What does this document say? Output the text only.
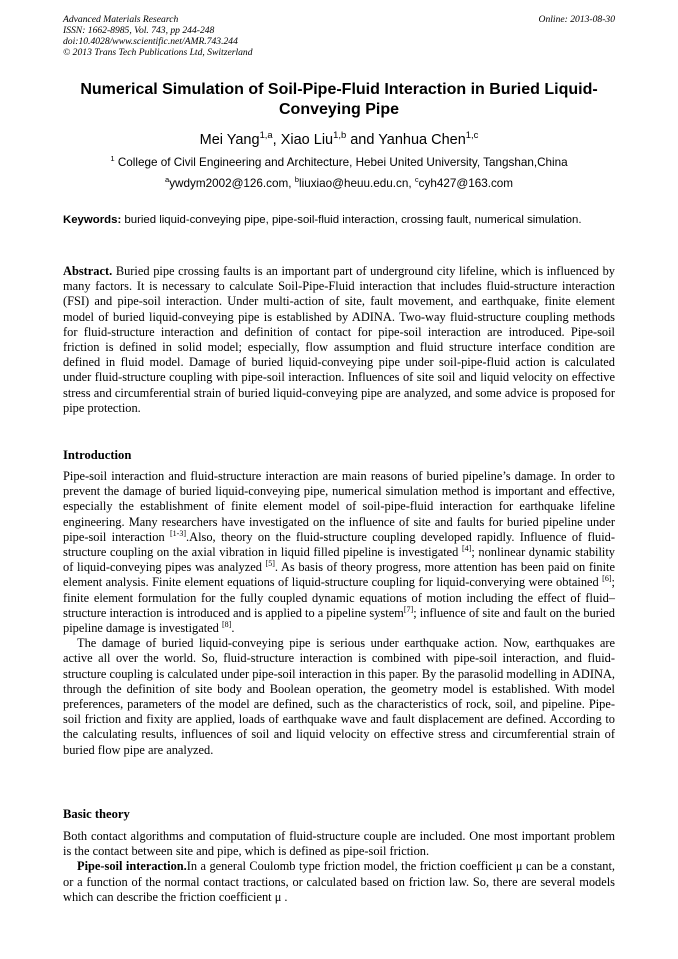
Advanced Materials Research
ISSN: 1662-8985, Vol. 743, pp 244-248
doi:10.4028/www.scientific.net/AMR.743.244
© 2013 Trans Tech Publications Ltd, Switzerland
Online: 2013-08-30
Numerical Simulation of Soil-Pipe-Fluid Interaction in Buried Liquid-Conveying Pipe
Mei Yang$^{1,a}$, Xiao Liu$^{1,b}$ and Yanhua Chen$^{1,c}$
$^1$ College of Civil Engineering and Architecture, Hebei United University, Tangshan,China
$^a$ywdym2002@126.com, $^b$liuxiao@heuu.edu.cn, $^c$cyh427@163.com
Keywords: buried liquid-conveying pipe, pipe-soil-fluid interaction, crossing fault, numerical simulation.
Abstract. Buried pipe crossing faults is an important part of underground city lifeline, which is influenced by many factors. It is necessary to calculate Soil-Pipe-Fluid interaction that includes fluid-structure interaction (FSI) and pipe-soil interaction. Under multi-action of site, fault movement, and earthquake, finite element model of buried liquid-conveying pipe is established by ADINA. Two-way fluid-structure coupling methods for fluid-structure interaction and definition of contact for pipe-soil interaction are introduced. Pipe-soil friction is defined in solid model; especially, flow assumption and fluid structure interface condition are defined in fluid model. Damage of buried liquid-conveying pipe under soil-pipe-fluid action is calculated under fluid-structure coupling with pipe-soil interaction. Influences of site soil and liquid velocity on effective stress and circumferential strain of buried liquid-conveying pipe are analyzed, and some advice is proposed for pipe protection.
Introduction

Pipe-soil interaction and fluid-structure interaction are main reasons of buried pipeline’s damage. In order to prevent the damage of buried liquid-conveying pipe, numerical simulation method is important and effective, especially the establishment of finite element model of soil-pipe-fluid interaction for earthquake lifeline engineering. Many researchers have investigated on the influence of site and faults for buried pipeline under pipe-soil interaction [1-3].Also, theory on the fluid-structure coupling developed rapidly. Influence of fluid-structure coupling on the axial vibration in liquid filled pipeline is investigated [4]; nonlinear dynamic stability of liquid-conveying pipes was analyzed [5]. As basis of theory progress, more attention has been paid on finite element analysis. Finite element equations of liquid-structure coupling for liquid-converying were obtained [6]; finite element formulation for the fully coupled dynamic equations of motion including the effect of fluid–structure interaction is introduced and is applied to a pipeline system[7]; influence of site and fault on the buried pipeline damage is investigated [8].

The damage of buried liquid-conveying pipe is serious under earthquake action. Now, earthquakes are active all over the world. So, fluid-structure interaction is combined with pipe-soil interaction, and fluid-structure coupling is calculated under pipe-soil interaction in this paper. By the parasolid modelling in ADINA, through the definition of site body and Boolean operation, the geometry model is established. With model preferences, parameters of the model are defined, such as the characteristics of rock, soil, and pipeline. Pipe-soil friction and fixity are applied, loads of earthquake wave and fault displacement are defined. According to the calculating results, influences of soil and liquid velocity on effective stress and circumferential strain of buried flow pipe are analyzed.

Basic theory

Both contact algorithms and computation of fluid-structure couple are included. One most important problem is the contact between site and pipe, which is defined as pipe-soil friction.

Pipe-soil interaction.In a general Coulomb type friction model, the friction coefficient μ can be a constant, or a function of the normal contact tractions, or calculated based on friction law. So, there are several models which can describe the friction coefficient μ .
